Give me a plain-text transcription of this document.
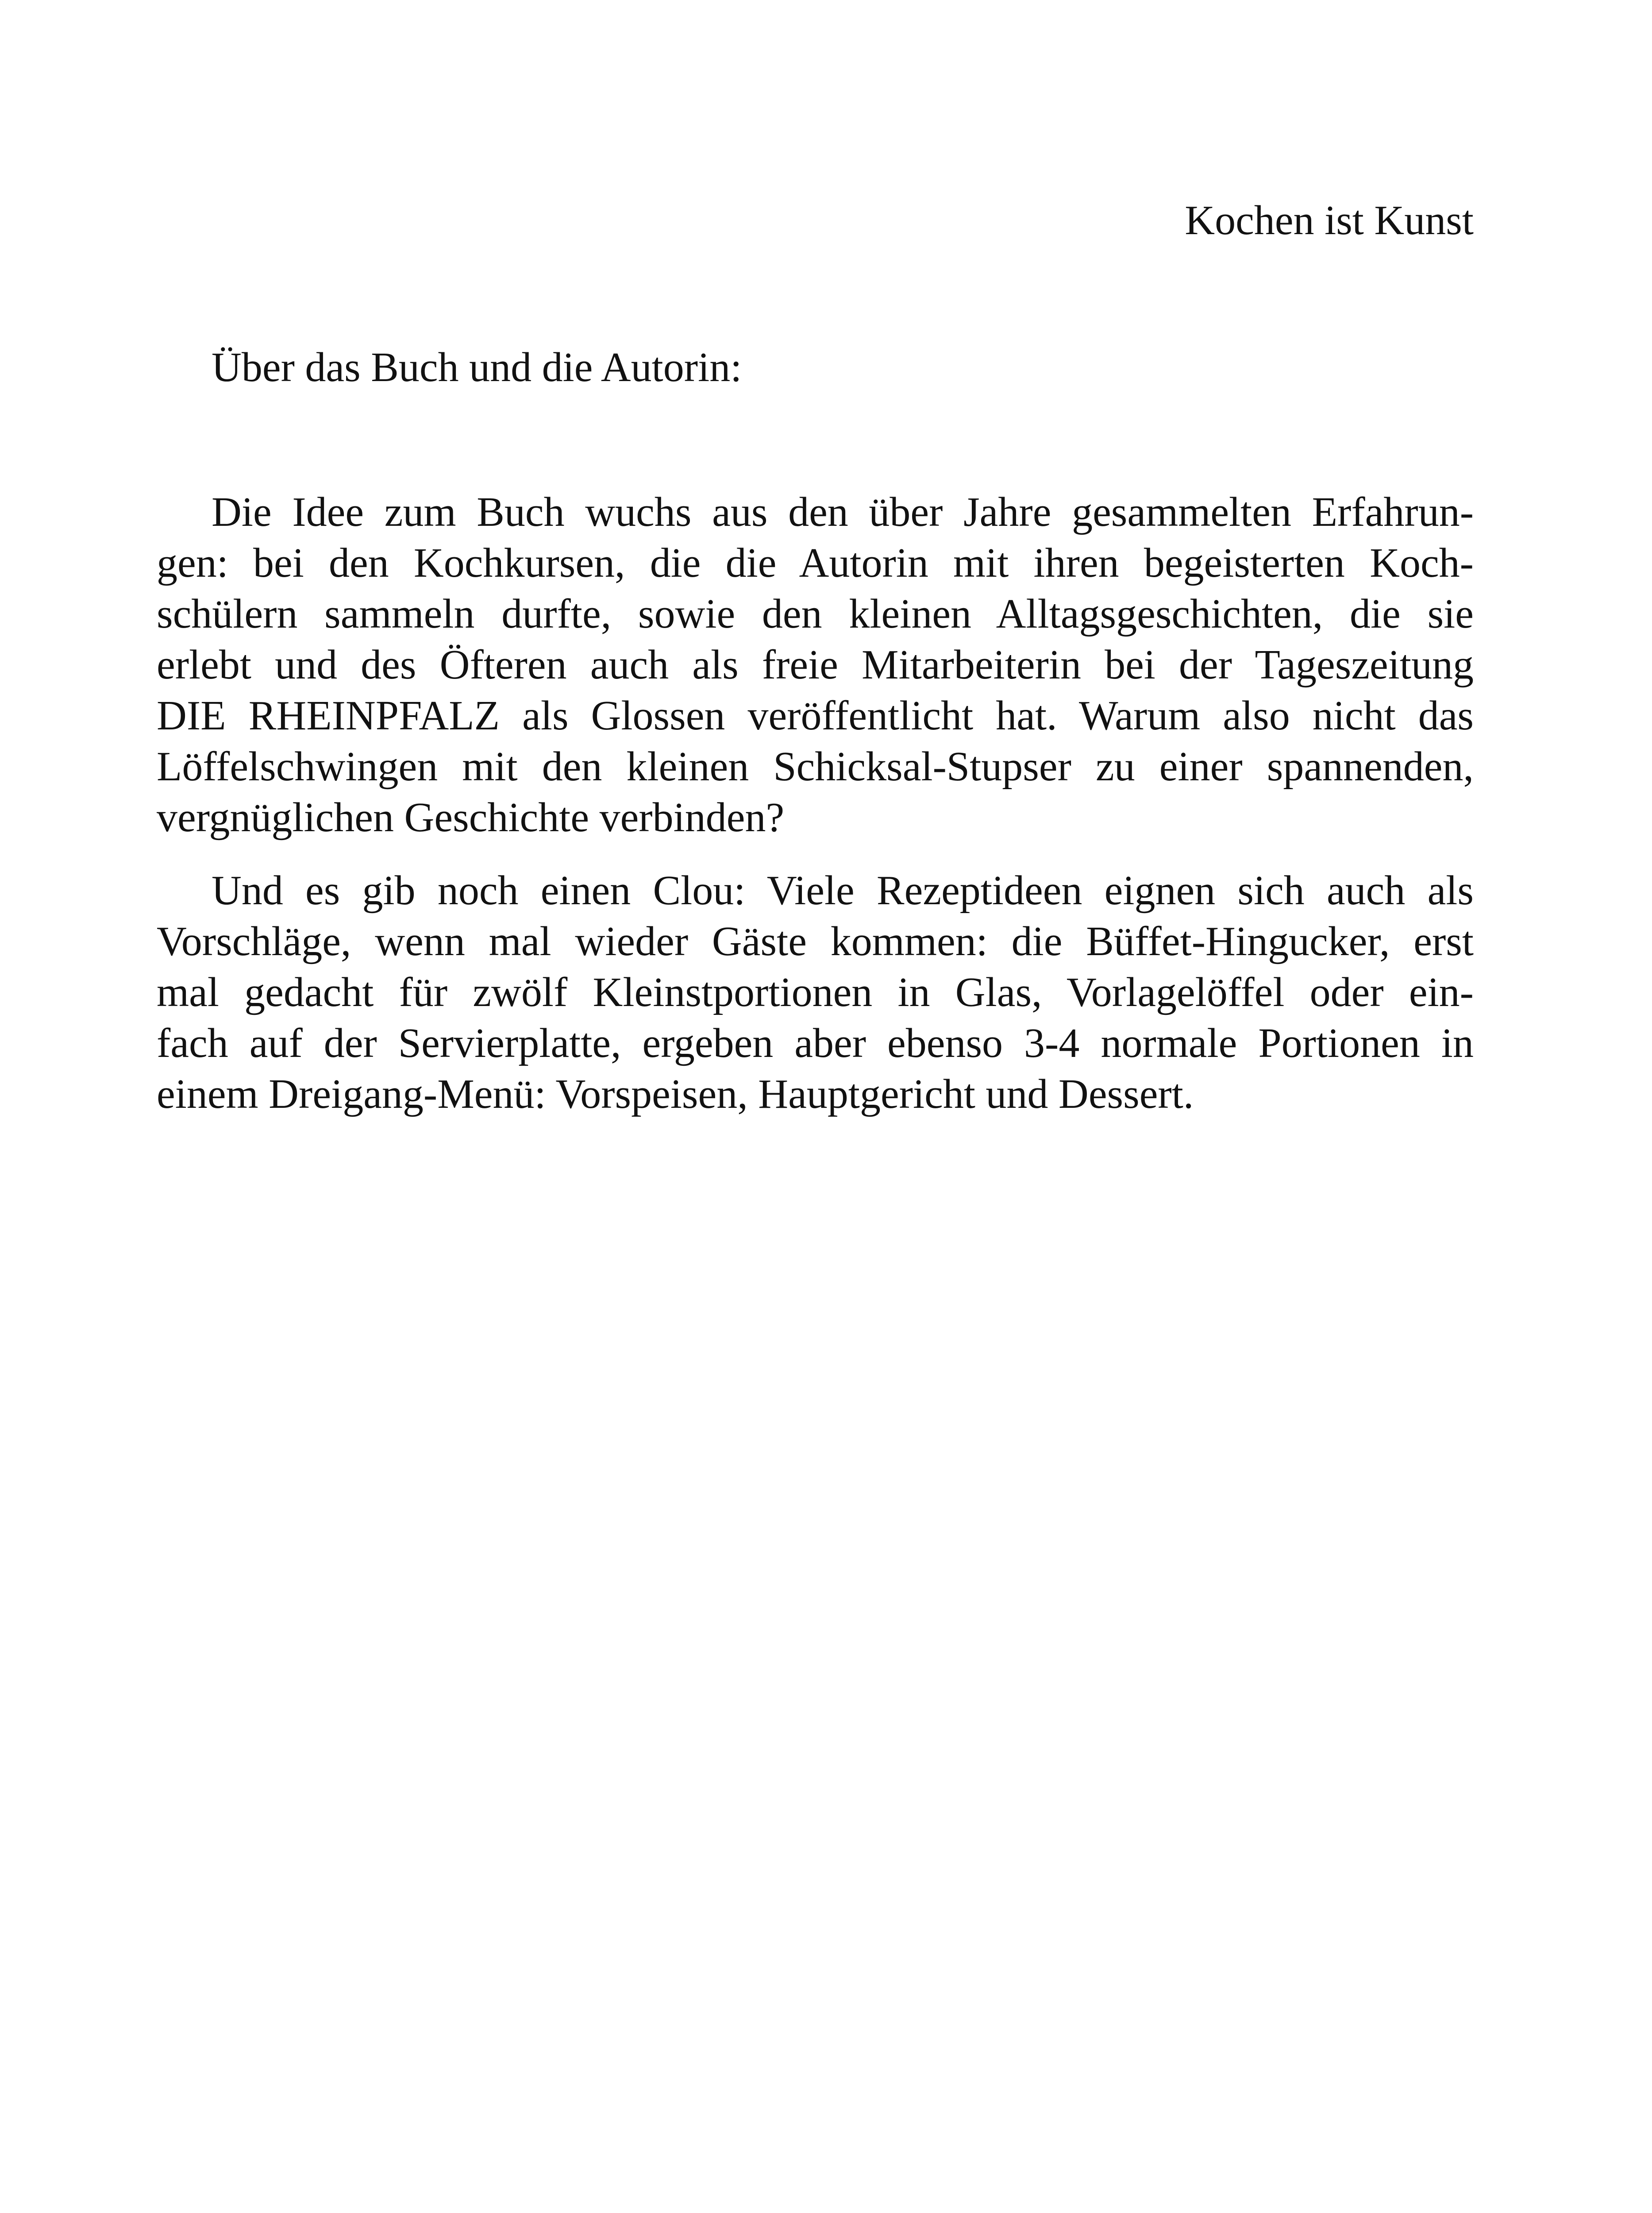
Kochen ist Kunst
Über das Buch und die Autorin:
Die Idee zum Buch wuchs aus den über Jahre gesammelten Erfahrun-
gen: bei den Kochkursen, die die Autorin mit ihren begeisterten Koch-
schülern sammeln durfte, sowie den kleinen Alltagsgeschichten, die sie
erlebt und des Öfteren auch als freie Mitarbeiterin bei der Tageszeitung
DIE RHEINPFALZ als Glossen veröffentlicht hat. Warum also nicht das
Löffelschwingen mit den kleinen Schicksal-Stupser zu einer spannenden,
vergnüglichen Geschichte verbinden?
Und es gib noch einen Clou: Viele Rezeptideen eignen sich auch als
Vorschläge, wenn mal wieder Gäste kommen: die Büffet-Hingucker, erst
mal gedacht für zwölf Kleinstportionen in Glas, Vorlagelöffel oder ein-
fach auf der Servierplatte, ergeben aber ebenso 3-4 normale Portionen in
einem Dreigang-Menü: Vorspeisen, Hauptgericht und Dessert.
